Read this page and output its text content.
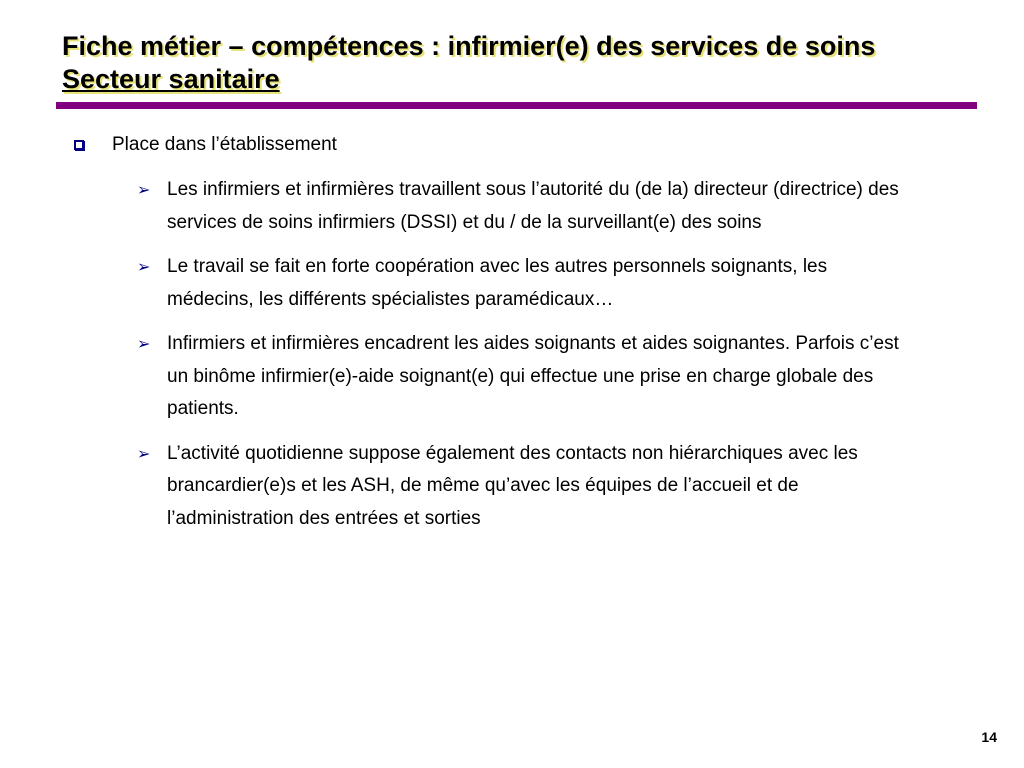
Fiche métier – compétences : infirmier(e) des services de soins
Secteur sanitaire
Place dans l’établissement
➢ Les infirmiers et infirmières travaillent sous l’autorité du (de la) directeur (directrice) des services de soins infirmiers (DSSI) et du / de la surveillant(e) des soins
➢ Le travail se fait en forte coopération avec les autres personnels soignants, les médecins, les différents spécialistes paramédicaux…
➢ Infirmiers et infirmières encadrent les aides soignants et aides soignantes. Parfois c’est un binôme infirmier(e)-aide soignant(e) qui effectue une prise en charge globale des patients.
➢ L’activité quotidienne suppose également des contacts non hiérarchiques avec les brancardier(e)s et les ASH, de même qu’avec les équipes de l’accueil et de l’administration des entrées et sorties
14
